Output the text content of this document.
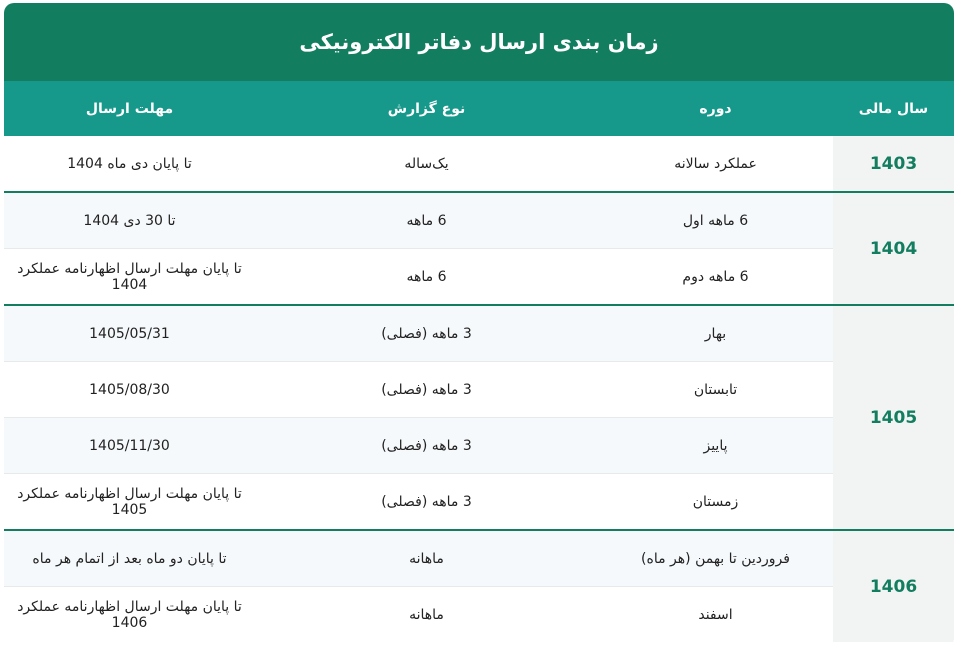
زمان بندی ارسال دفاتر الکترونیکی
سال مالی	دوره	نوع گزارش	مهلت ارسال
1403	عملکرد سالانه	یک‌ساله	تا پایان دی ماه 1404
1404	6 ماهه اول	6 ماهه	تا 30 دی 1404
	6 ماهه دوم	6 ماهه	تا پایان مهلت ارسال اظهارنامه عملکرد 1404
1405	بهار	3 ماهه (فصلی)	1405/05/31
	تابستان	3 ماهه (فصلی)	1405/08/30
	پاییز	3 ماهه (فصلی)	1405/11/30
	زمستان	3 ماهه (فصلی)	تا پایان مهلت ارسال اظهارنامه عملکرد 1405
1406	فروردین تا بهمن (هر ماه)	ماهانه	تا پایان دو ماه بعد از اتمام هر ماه
	اسفند	ماهانه	تا پایان مهلت ارسال اظهارنامه عملکرد 1406
